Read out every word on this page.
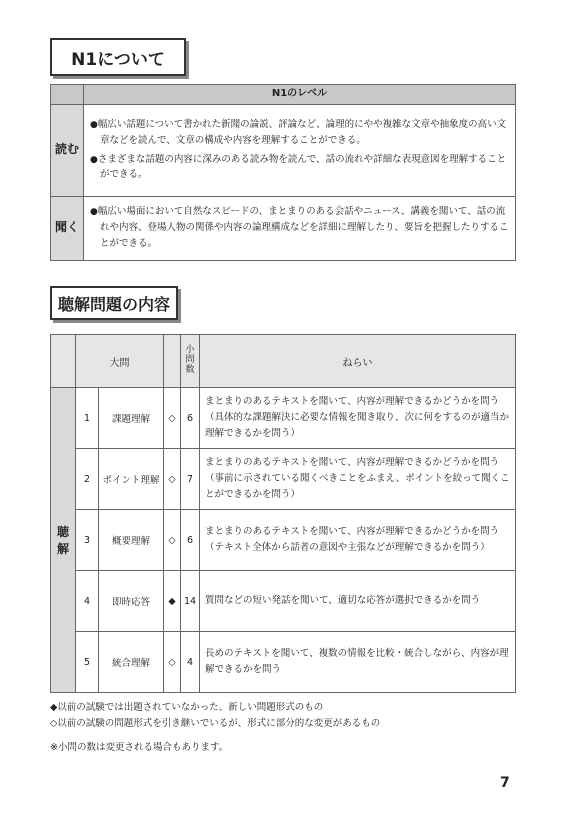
N1について
	N1のレベル
読む	●幅広い話題について書かれた新聞の論説、評論など、論理的にやや複雑な文章や抽象度の高い文章などを読んで、文章の構成や内容を理解することができる。
●さまざまな話題の内容に深みのある読み物を読んで、話の流れや詳細な表現意図を理解することができる。

聞く	●幅広い場面において自然なスピードの、まとまりのある会話やニュース、講義を聞いて、話の流れや内容、登場人物の関係や内容の論理構成などを詳細に理解したり、要旨を把握したりすることができる。
聴解問題の内容
	大問			小問数	ねらい
聴解	1	課題理解	◇	6	まとまりのあるテキストを聞いて、内容が理解できるかどうかを問う（具体的な課題解決に必要な情報を聞き取り、次に何をするのが適当か理解できるかを問う）
	2	ポイント理解	◇	7	まとまりのあるテキストを聞いて、内容が理解できるかどうかを問う（事前に示されている聞くべきことをふまえ、ポイントを絞って聞くことができるかを問う）
	3	概要理解	◇	6	まとまりのあるテキストを聞いて、内容が理解できるかどうかを問う（テキスト全体から話者の意図や主張などが理解できるかを問う）
	4	即時応答	◆	14	質問などの短い発話を聞いて、適切な応答が選択できるかを問う
	5	統合理解	◇	4	長めのテキストを聞いて、複数の情報を比較・統合しながら、内容が理解できるかを問う
◆以前の試験では出題されていなかった、新しい問題形式のもの
◇以前の試験の問題形式を引き継いでいるが、形式に部分的な変更があるもの
※小問の数は変更される場合もあります。
7
